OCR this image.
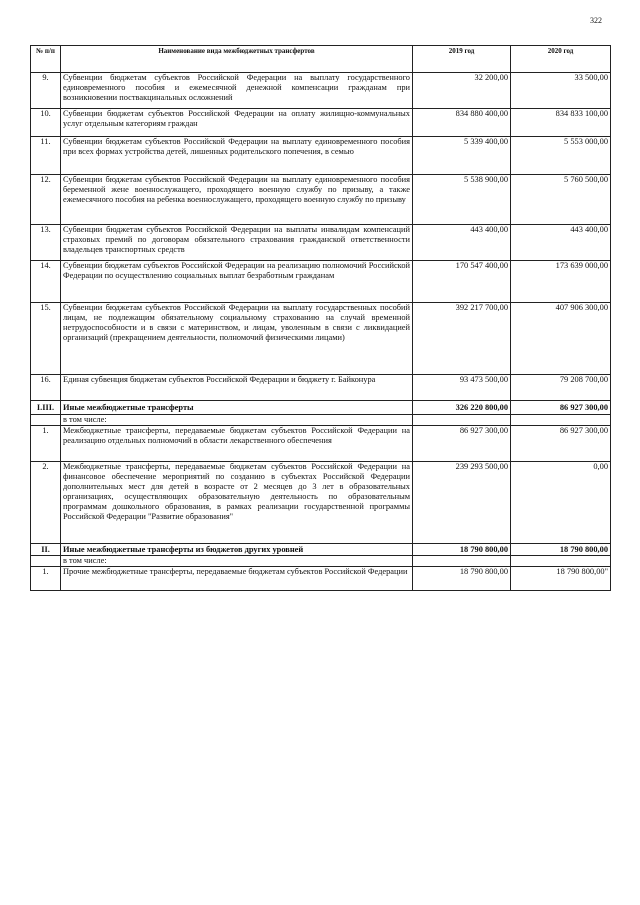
322
№ п/п	Наименование вида межбюджетных трансфертов	2019 год	2020 год
9.	Субвенции бюджетам субъектов Российской Федерации на выплату государственного единовременного пособия и ежемесячной денежной компенсации гражданам при возникновении поствакцинальных осложнений	32 200,00	33 500,00
10.	Субвенции бюджетам субъектов Российской Федерации на оплату жилищно-коммунальных услуг отдельным категориям граждан	834 880 400,00	834 833 100,00
11.	Субвенции бюджетам субъектов Российской Федерации на выплату единовременного пособия при всех формах устройства детей, лишенных родительского попечения, в семью	5 339 400,00	5 553 000,00
12.	Субвенции бюджетам субъектов Российской Федерации на выплату единовременного пособия беременной жене военнослужащего, проходящего военную службу по призыву, а также ежемесячного пособия на ребенка военнослужащего, проходящего военную службу по призыву	5 538 900,00	5 760 500,00
13.	Субвенции бюджетам субъектов Российской Федерации на выплаты инвалидам компенсаций страховых премий по договорам обязательного страхования гражданской ответственности владельцев транспортных средств	443 400,00	443 400,00
14.	Субвенции бюджетам субъектов Российской Федерации на реализацию полномочий Российской Федерации по осуществлению социальных выплат безработным гражданам	170 547 400,00	173 639 000,00
15.	Субвенции бюджетам субъектов Российской Федерации на выплату государственных пособий лицам, не подлежащим обязательному социальному страхованию на случай временной нетрудоспособности и в связи с материнством, и лицам, уволенным в связи с ликвидацией организаций (прекращением деятельности, полномочий физическими лицами)	392 217 700,00	407 906 300,00
16.	Единая субвенция бюджетам субъектов Российской Федерации и бюджету г. Байконура	93 473 500,00	79 208 700,00
I.III.	Иные межбюджетные трансферты	326 220 800,00	86 927 300,00
	в том числе:		
1.	Межбюджетные трансферты, передаваемые бюджетам субъектов Российской Федерации на реализацию отдельных полномочий в области лекарственного обеспечения	86 927 300,00	86 927 300,00
2.	Межбюджетные трансферты, передаваемые бюджетам субъектов Российской Федерации на финансовое обеспечение мероприятий по созданию в субъектах Российской Федерации дополнительных мест для детей в возрасте от 2 месяцев до 3 лет в образовательных организациях, осуществляющих образовательную деятельность по образовательным программам дошкольного образования, в рамках реализации государственной программы Российской Федерации "Развитие образования"	239 293 500,00	0,00
II.	Иные межбюджетные трансферты из бюджетов других уровней	18 790 800,00	18 790 800,00
	в том числе:		
1.	Прочие межбюджетные трансферты, передаваемые бюджетам субъектов Российской Федерации	18 790 800,00	18 790 800,00"
